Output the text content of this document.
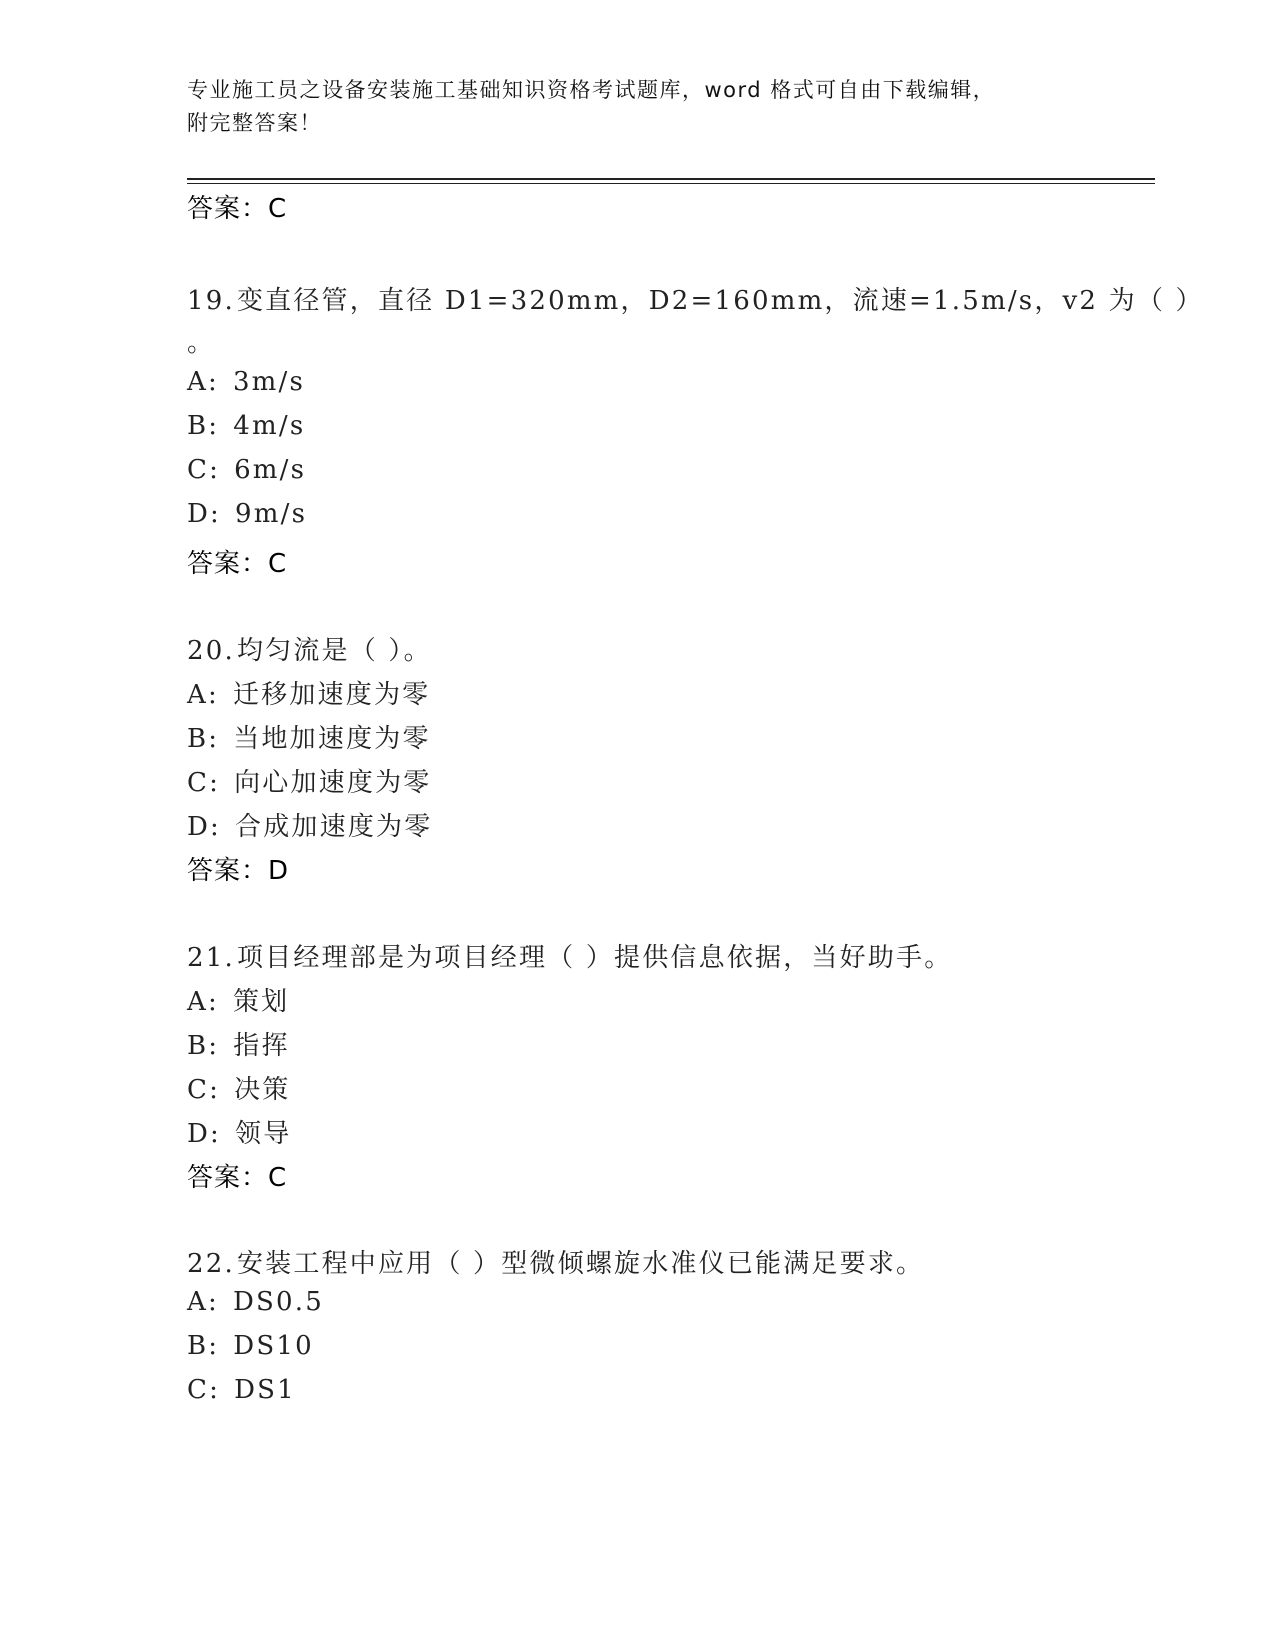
专业施工员之设备安装施工基础知识资格考试题库，word 格式可自由下载编辑，
附完整答案！
答案：C
19.变直径管，直径 D1=320mm，D2=160mm，流速=1.5m/s，v2 为（ ）
。
A: 3m/s
B: 4m/s
C: 6m/s
D: 9m/s
答案：C
20.均匀流是（ ）。
A: 迁移加速度为零
B: 当地加速度为零
C: 向心加速度为零
D: 合成加速度为零
答案：D
21.项目经理部是为项目经理（ ）提供信息依据，当好助手。
A: 策划
B: 指挥
C: 决策
D: 领导
答案：C
22.安装工程中应用（ ）型微倾螺旋水准仪已能满足要求。
A: DS0.5
B: DS10
C: DS1
